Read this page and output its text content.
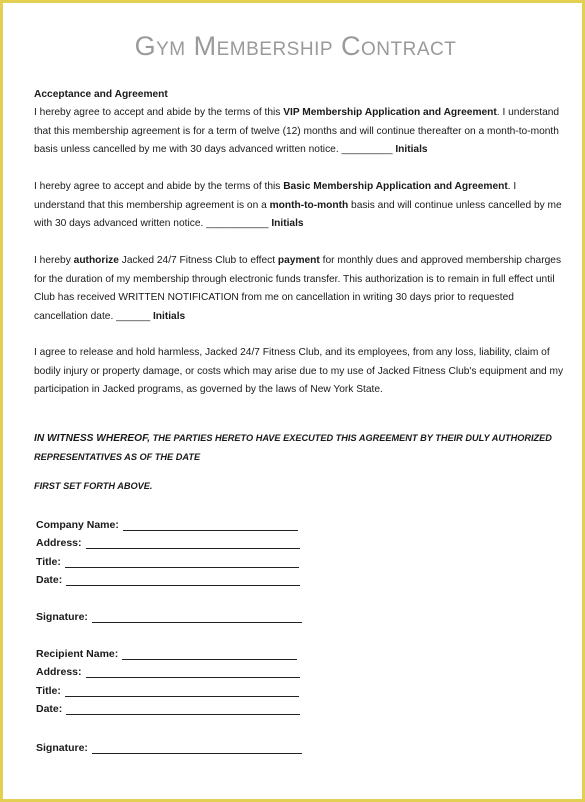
Gym Membership Contract
Acceptance and Agreement

I hereby agree to accept and abide by the terms of this VIP Membership Application and Agreement. I understand that this membership agreement is for a term of twelve (12) months and will continue thereafter on a month-to-month basis unless cancelled by me with 30 days advanced written notice. _________ Initials

I hereby agree to accept and abide by the terms of this Basic Membership Application and Agreement. I understand that this membership agreement is on a month-to-month basis and will continue unless cancelled by me with 30 days advanced written notice. ___________ Initials

I hereby authorize Jacked 24/7 Fitness Club to effect payment for monthly dues and approved membership charges for the duration of my membership through electronic funds transfer. This authorization is to remain in full effect until Club has received WRITTEN NOTIFICATION from me on cancellation in writing 30 days prior to requested cancellation date. ______ Initials

I agree to release and hold harmless, Jacked 24/7 Fitness Club, and its employees, from any loss, liability, claim of bodily injury or property damage, or costs which may arise due to my use of Jacked Fitness Club's equipment and my participation in Jacked programs, as governed by the laws of New York State.

IN WITNESS WHEREOF, THE PARTIES HERETO HAVE EXECUTED THIS AGREEMENT BY THEIR DULY AUTHORIZED
REPRESENTATIVES AS OF THE DATE
FIRST SET FORTH ABOVE.
Company Name:
Address:
Title:
Date:
Signature:
Recipient Name:
Address:
Title:
Date:
Signature:
